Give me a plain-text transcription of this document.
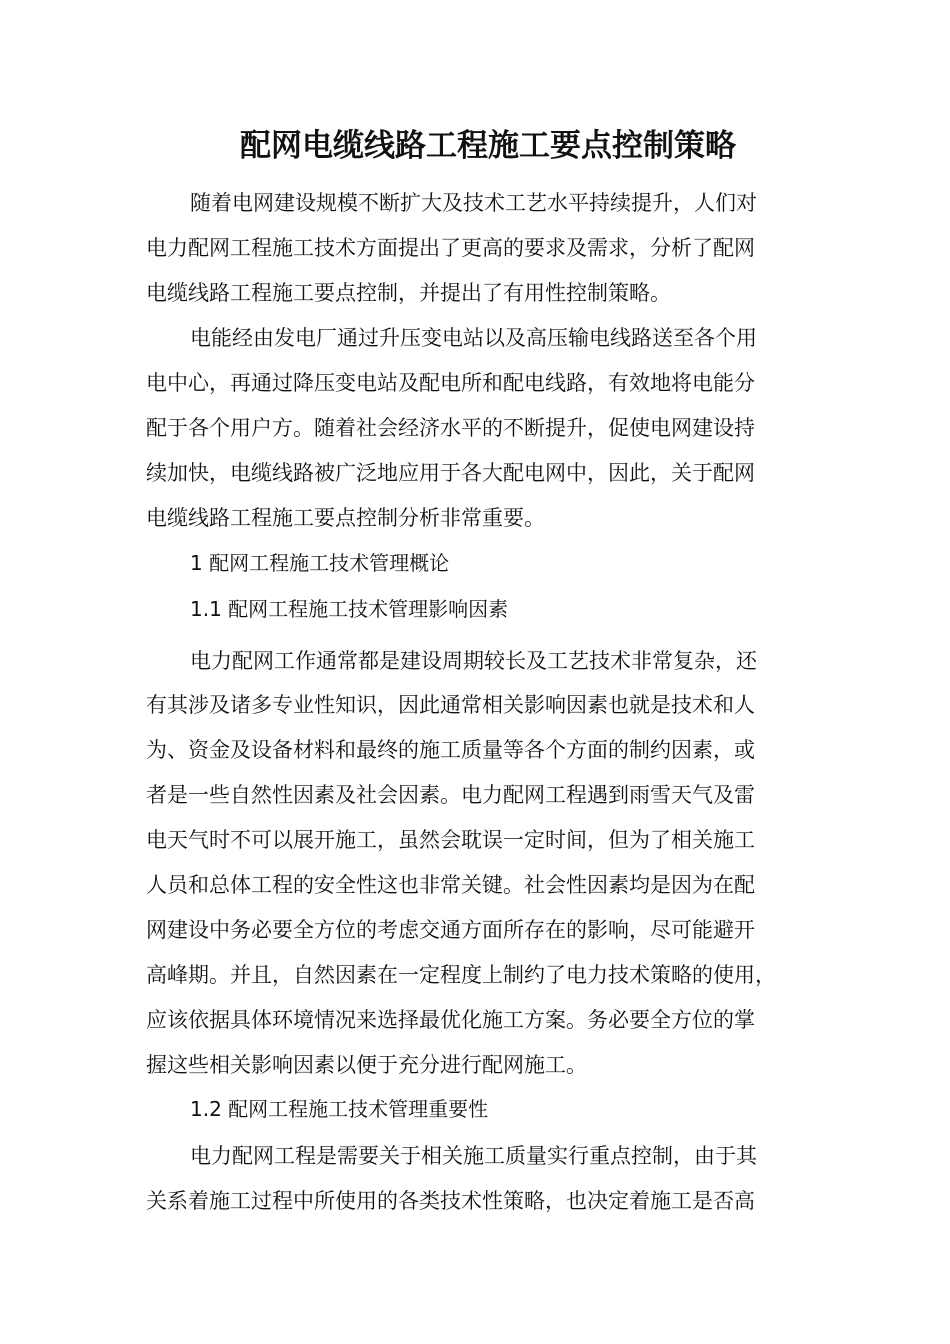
配网电缆线路工程施工要点控制策略

随着电网建设规模不断扩大及技术工艺水平持续提升，人们对

电力配网工程施工技术方面提出了更高的要求及需求，分析了配网

电缆线路工程施工要点控制，并提出了有用性控制策略。

电能经由发电厂通过升压变电站以及高压输电线路送至各个用

电中心，再通过降压变电站及配电所和配电线路，有效地将电能分

配于各个用户方。随着社会经济水平的不断提升，促使电网建设持

续加快，电缆线路被广泛地应用于各大配电网中，因此，关于配网

电缆线路工程施工要点控制分析非常重要。

1 配网工程施工技术管理概论

1.1 配网工程施工技术管理影响因素

电力配网工作通常都是建设周期较长及工艺技术非常复杂，还

有其涉及诸多专业性知识，因此通常相关影响因素也就是技术和人

为、资金及设备材料和最终的施工质量等各个方面的制约因素，或

者是一些自然性因素及社会因素。电力配网工程遇到雨雪天气及雷

电天气时不可以展开施工，虽然会耽误一定时间，但为了相关施工

人员和总体工程的安全性这也非常关键。社会性因素均是因为在配

网建设中务必要全方位的考虑交通方面所存在的影响，尽可能避开

高峰期。并且，自然因素在一定程度上制约了电力技术策略的使用，

应该依据具体环境情况来选择最优化施工方案。务必要全方位的掌

握这些相关影响因素以便于充分进行配网施工。

1.2 配网工程施工技术管理重要性

电力配网工程是需要关于相关施工质量实行重点控制，由于其

关系着施工过程中所使用的各类技术性策略，也决定着施工是否高
